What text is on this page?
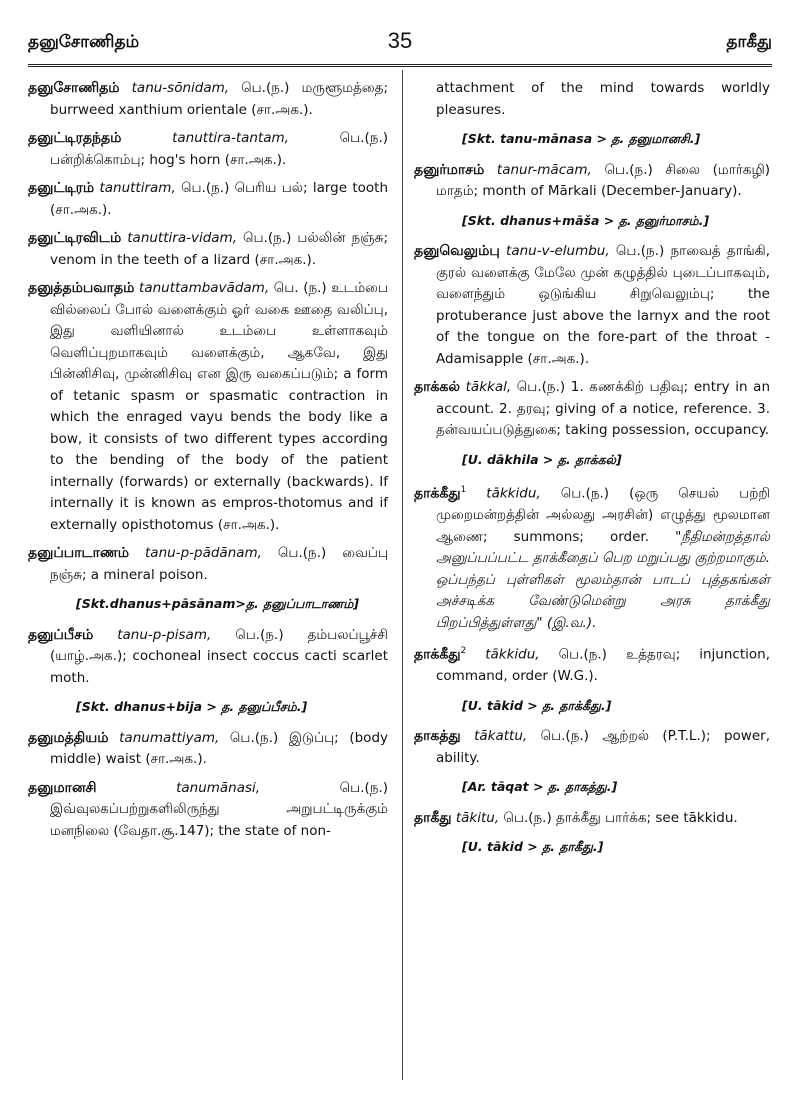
தனுசோணிதம்	35	தாகீது

தனுசோணிதம் tanu-sōnidam, பெ.(ந.) மருளூமத்தை; burrweed xanthium orientale (சா.அக.).

தனுட்டிரதந்தம்	tanuttira-tantam, பெ.(ந.) பன்றிக்கொம்பு; hog's horn (சா.அக.).

தனுட்டிரம் tanuttiram, பெ.(ந.) பெரிய பல்; large tooth (சா.அக.).

தனுட்டிரவிடம் tanuttira-vidam, பெ.(ந.) பல்லின் நஞ்சு; venom in the teeth of a lizard (சா.அக.).

தனுத்தம்பவாதம் tanuttambavādam, பெ. (ந.) உடம்பை வில்லைப் போல் வளைக்கும் ஓர் வகை ஊதை வலிப்பு, இது வளியினால் உடம்பை உள்ளாகவும் வெளிப்புறமாகவும் வளைக்கும், ஆகவே, இது பின்னிசிவு, முன்னிசிவு என இரு வகைப்படும்; a form of tetanic spasm or spasmatic contraction in which the enraged vayu bends the body like a bow, it consists of two different types according to the bending of the body of the patient internally (forwards) or externally (backwards). If internally it is known as empros-thotomus and if externally opisthotomus (சா.அக.).

தனுப்பாடாணம் tanu-p-pādānam, பெ.(ந.) வைப்பு நஞ்சு; a mineral poison.

[Skt.dhanus+pāsānam>த. தனுப்பாடாணம்]

தனுப்பீசம் tanu-p-pisam, பெ.(ந.) தம்பலப்பூச்சி (யாழ்.அக.); cochoneal insect coccus cacti scarlet moth.

[Skt. dhanus+bija > த. தனுப்பீசம்.]

தனுமத்தியம் tanumattiyam, பெ.(ந.) இடுப்பு; (body middle) waist (சா.அக.).

தனுமானசி	tanumānasi, பெ.(ந.) இவ்வுலகப்பற்றுகளிலிருந்து அறுபட்டிருக்கும் மனநிலை (வேதா.சூ.147); the state of non-

attachment of the mind towards worldly pleasures.

[Skt. tanu-mānasa > த. தனுமானசி.]

தனுர்மாசம் tanur-mācam, பெ.(ந.) சிலை (மார்கழி) மாதம்; month of Mārkali (December-January).

[Skt. dhanus+māša > த. தனுர்மாசம்.]

தனுவெலும்பு tanu-v-elumbu, பெ.(ந.) நாவைத் தாங்கி, குரல் வளைக்கு மேலே முன் கழுத்தில் புடைப்பாகவும், வளைந்தும் ஒடுங்கிய சிறுவெலும்பு; the protuberance just above the larnyx and the root of the tongue on the fore-part of the throat - Adamisapple (சா.அக.).

தாக்கல் tākkal, பெ.(ந.) 1. கணக்கிற் பதிவு; entry in an account. 2. தரவு; giving of a notice, reference. 3. தன்வயப்படுத்துகை; taking possession, occupancy.

[U. dākhila > த. தாக்கல்]

தாக்கீது$^1$ tākkidu, பெ.(ந.) (ஒரு செயல் பற்றி முறைமன்றத்தின் அல்லது அரசின்) எழுத்து மூலமான ஆணை; summons; order. "நீதிமன்றத்தால் அனுப்பப்பட்ட தாக்கீதைப் பெற மறுப்பது குற்றமாகும். ஒப்பந்தப் புள்ளிகள் மூலம்தான் பாடப் புத்தகங்கள் அச்சடிக்க வேண்டுமென்று அரசு தாக்கீது பிறப்பித்துள்ளது" (இ.வ.).

தாக்கீது$^2$ tākkidu, பெ.(ந.) உத்தரவு; injunction, command, order (W.G.).

[U. tākid > த. தாக்கீது.]

தாகத்து tākattu, பெ.(ந.) ஆற்றல் (P.T.L.); power, ability.

[Ar. tāqat > த. தாகத்து.]

தாகீது tākitu, பெ.(ந.) தாக்கீது பார்க்க; see tākkidu.

[U. tākid > த. தாகீது.]
